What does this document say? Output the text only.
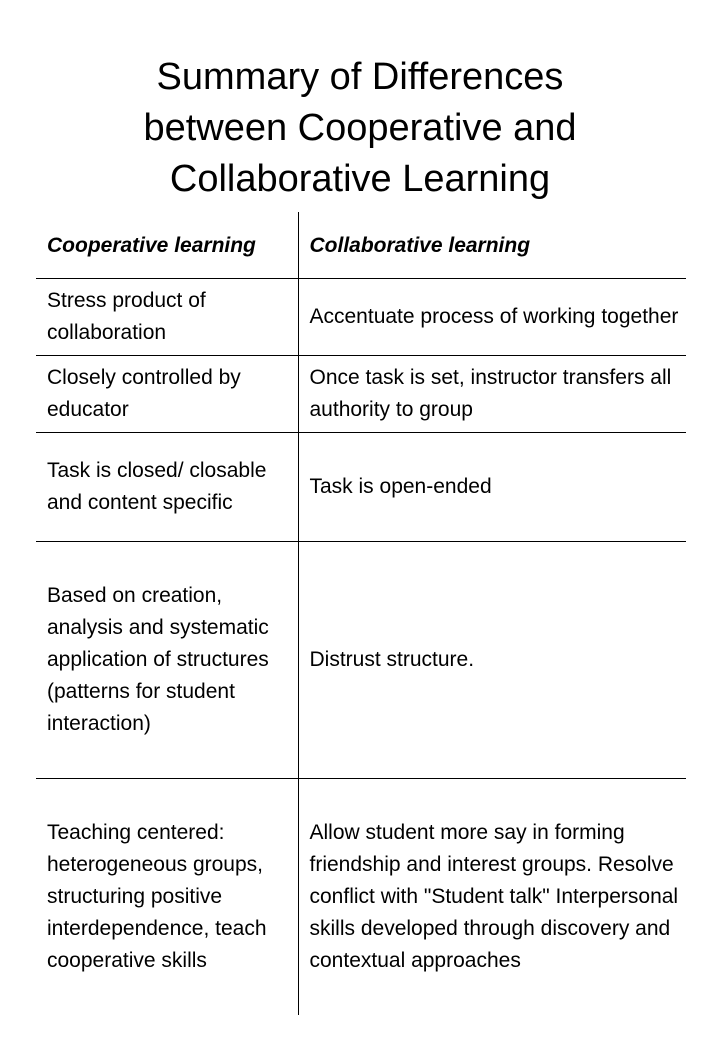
Summary of Differences
between Cooperative and
Collaborative Learning
Cooperative learning	Collaborative learning
Stress product of collaboration	Accentuate process of working together
Closely controlled by educator	Once task is set, instructor transfers all authority to group
Task is closed/ closable and content specific	Task is open-ended
Based on creation, analysis and systematic application of structures (patterns for student interaction)	Distrust structure.
Teaching centered: heterogeneous groups, structuring positive interdependence, teach cooperative skills	Allow student more say in forming friendship and interest groups. Resolve conflict with "Student talk" Interpersonal skills developed through discovery and contextual approaches
